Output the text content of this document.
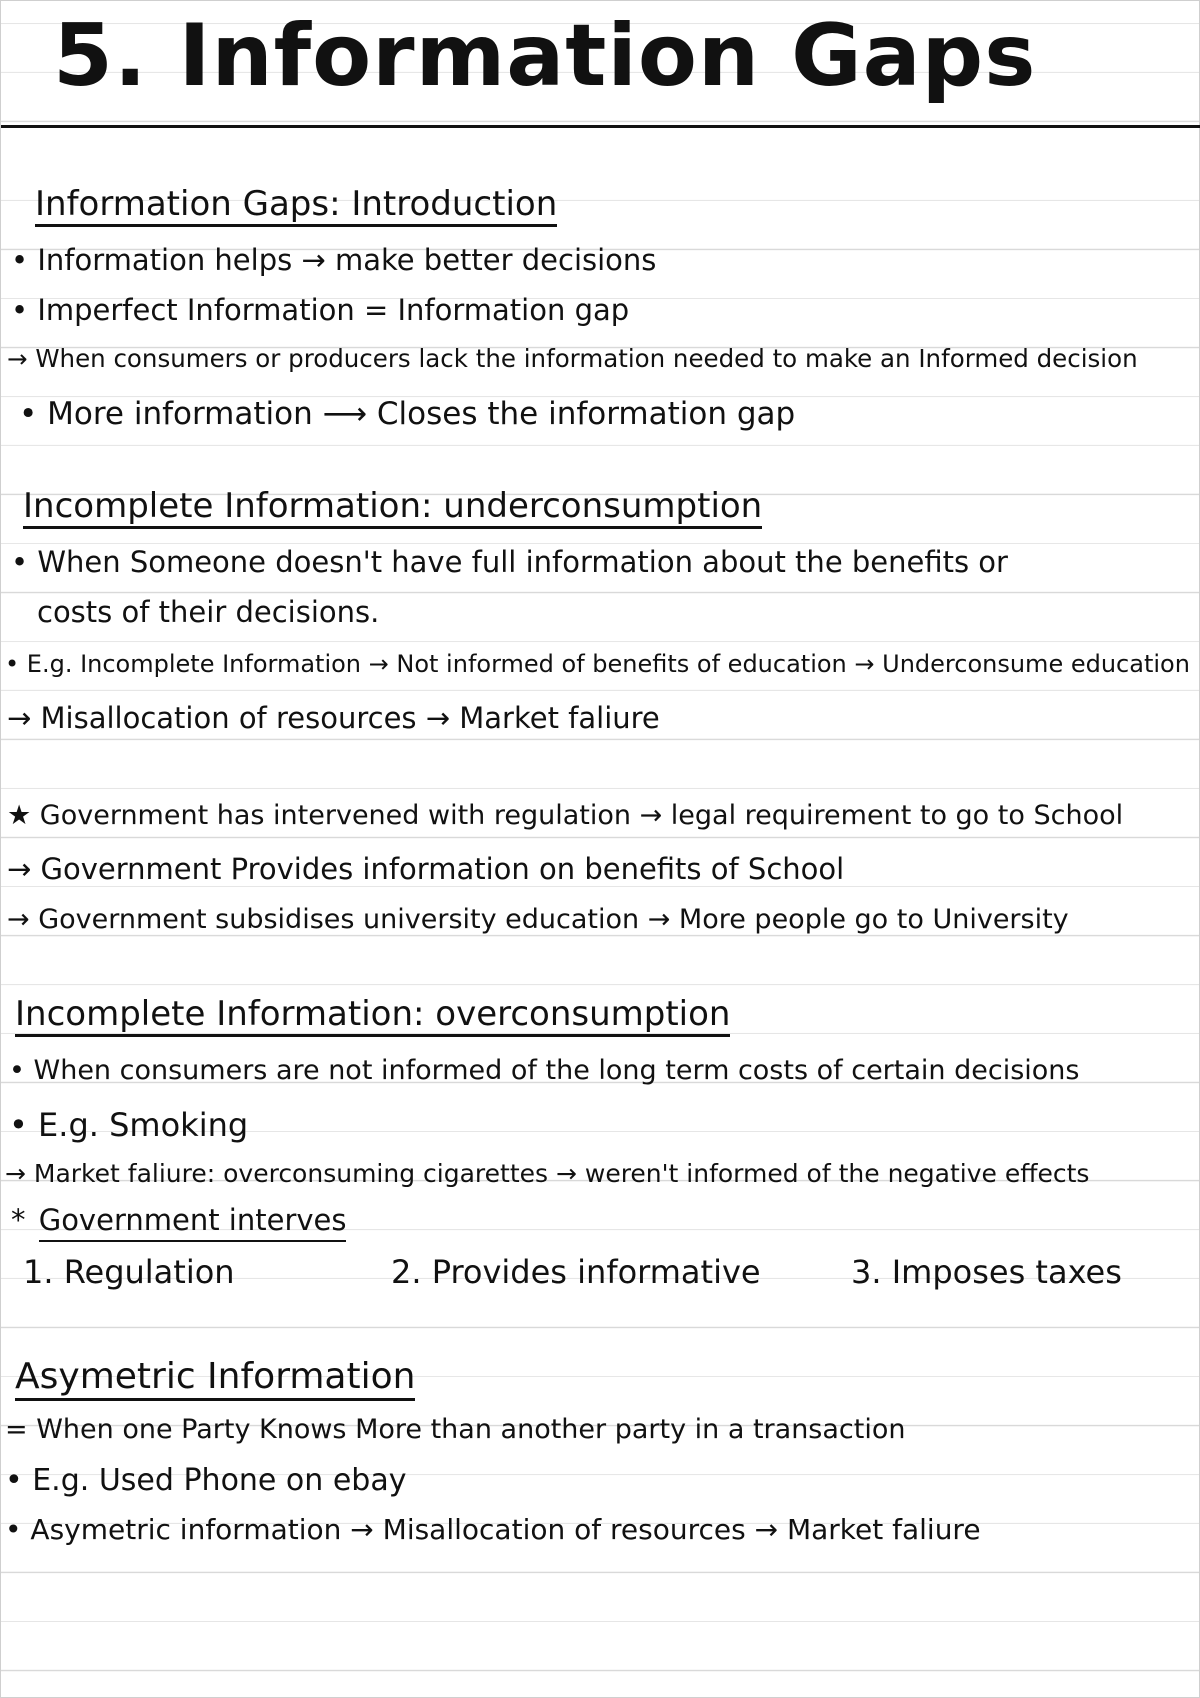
5. Information Gaps
Information Gaps: Introduction
• Information helps → make better decisions
• Imperfect Information = Information gap
→ When consumers or producers lack the information needed to make an Informed decision
• More information ⟶ Closes the information gap
Incomplete Information: underconsumption
• When Someone doesn't have full information about the benefits or
costs of their decisions.
• E.g. Incomplete Information → Not informed of benefits of education → Underconsume education
→ Misallocation of resources → Market faliure
★ Government has intervened with regulation → legal requirement to go to School
→ Government Provides information on benefits of School
→ Government subsidises university education → More people go to University
Incomplete Information: overconsumption
• When consumers are not informed of the long term costs of certain decisions
• E.g. Smoking
→ Market faliure: overconsuming cigarettes → weren't informed of the negative effects
* Government interves
1. Regulation	2. Provides informative	3. Imposes taxes
Asymetric Information
= When one Party Knows More than another party in a transaction
• E.g. Used Phone on ebay
• Asymetric information → Misallocation of resources → Market faliure
